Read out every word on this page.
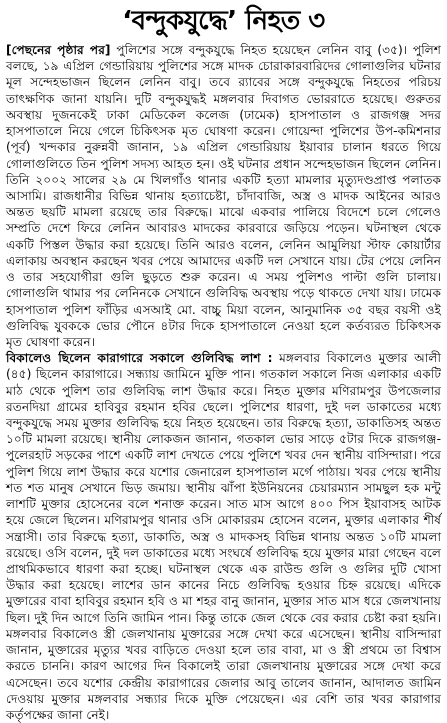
‘বন্দুকযুদ্ধে’ নিহত ৩

[পেছনের পৃষ্ঠার পর] পুলিশের সঙ্গে বন্দুকযুদ্ধে নিহত হয়েছেন লেনিন বাবু (৩৫)। পুলিশ বলছে, ১৯ এপ্রিল গেন্ডারিয়ায় পুলিশের সঙ্গে মাদক চোরাকারবারিদের গোলাগুলির ঘটনার মূল সন্দেহভাজন ছিলেন লেনিন বাবু। তবে র‍্যাবের সঙ্গে বন্দুকযুদ্ধে নিহতের পরিচয় তাৎক্ষণিক জানা যায়নি। দুটি বন্দুকযুদ্ধই মঙ্গলবার দিবাগত ভোররাতে হয়েছে। গুরুতর অবস্থায় দুজনকেই ঢাকা মেডিকেল কলেজ (ঢামেক) হাসপাতাল ও রাজগঞ্জ সদর হাসপাতালে নিয়ে গেলে চিকিৎসক মৃত ঘোষণা করেন। গোয়েন্দা পুলিশের উপ-কমিশনার (পূর্ব) খন্দকার নুরুন্নবী জানান, ১৯ এপ্রিল গেন্ডারিয়ায় ইয়াবার চালান ধরতে গিয়ে গোলাগুলিতে তিন পুলিশ সদস্য আহত হন। ওই ঘটনার প্রধান সন্দেহভাজন ছিলেন লেনিন। তিনি ২০০২ সালের ২৯ মে খিলগাঁও থানার একটি হত্যা মামলার মৃত্যুদণ্ডপ্রাপ্ত পলাতক আসামি। রাজধানীর বিভিন্ন থানায় হত্যাচেষ্টা, চাঁদাবাজি, অস্ত্র ও মাদক আইনের আরও অন্তত ছয়টি মামলা রয়েছে তার বিরুদ্ধে। মাঝে একবার পালিয়ে বিদেশে চলে গেলেও সম্প্রতি দেশে ফিরে লেনিন আবারও মাদকের কারবারে জড়িয়ে পড়েন। ঘটনাস্থল থেকে একটি পিস্তল উদ্ধার করা হয়েছে। তিনি আরও বলেন, লেনিন আমুলিয়া স্টাফ কোয়ার্টার এলাকায় অবস্থান করছেন খবর পেয়ে আমাদের একটি দল সেখানে যায়। টের পেয়ে লেনিন ও তার সহযোগীরা গুলি ছুড়তে শুরু করেন। এ সময় পুলিশও পাল্টা গুলি চালায়। গোলাগুলি থামার পর লেনিনকে সেখানে গুলিবিদ্ধ অবস্থায় পড়ে থাকতে দেখা যায়। ঢামেক হাসপাতাল পুলিশ ফাঁড়ির এসআই মো. বাচ্চু মিয়া বলেন, আনুমানিক ৩৫ বছর বয়সী ওই গুলিবিদ্ধ যুবককে ভোর পৌনে ৪টার দিকে হাসপাতালে নেওয়া হলে কর্তব্যরত চিকিৎসক মৃত ঘোষণা করেন।

বিকালেও ছিলেন কারাগারে সকালে গুলিবিদ্ধ লাশ : মঙ্গলবার বিকালেও মুক্তার আলী (৪৫) ছিলেন কারাগারে। সন্ধ্যায় জামিনে মুক্তি পান। গতকাল সকালে নিজ এলাকার একটি মাঠ থেকে পুলিশ তার গুলিবিদ্ধ লাশ উদ্ধার করে। নিহত মুক্তার মণিরামপুর উপজেলার রতনদিয়া গ্রামের হাবিবুর রহমান হবির ছেলে। পুলিশের ধারণা, দুই দল ডাকাতের মধ্যে বন্দুকযুদ্ধে সময় মুক্তার গুলিবিদ্ধ হয়ে নিহত হয়েছেন। তার বিরুদ্ধে হত্যা, ডাকাতিসহ অন্তত ১০টি মামলা রয়েছে। স্থানীয় লোকজন জানান, গতকাল ভোর সাড়ে ৫টার দিকে রাজগঞ্জ-পুলেরহাট সড়কের পাশে একটি লাশ দেখতে পেয়ে পুলিশে খবর দেন স্থানীয় বাসিন্দারা। পরে পুলিশ গিয়ে লাশ উদ্ধার করে যশোর জেনারেল হাসপাতাল মর্গে পাঠায়। খবর পেয়ে স্থানীয় শত শত মানুষ সেখানে ভিড় জমায়। স্থানীয় ঝাঁপা ইউনিয়নের চেয়ারম্যান সামছুল হক মন্টু লাশটি মুক্তার হোসেনের বলে শনাক্ত করেন। সাত মাস আগে ৪০০ পিস ইয়াবাসহ আটক হয়ে জেলে ছিলেন। মণিরামপুর থানার ওসি মোকাররম হোসেন বলেন, মুক্তার এলাকার শীর্ষ সন্ত্রাসী। তার বিরুদ্ধে হত্যা, ডাকাতি, অস্ত্র ও মাদকসহ বিভিন্ন থানায় অন্তত ১০টি মামলা রয়েছে। ওসি বলেন, দুই দল ডাকাতের মধ্যে সংঘর্ষে গুলিবিদ্ধ হয়ে মুক্তার মারা গেছেন বলে প্রাথমিকভাবে ধারণা করা হচ্ছে। ঘটনাস্থল থেকে এক রাউন্ড গুলি ও গুলির দুটি খোসা উদ্ধার করা হয়েছে। লাশের ডান কানের নিচে গুলিবিদ্ধ হওয়ার চিহ্ন রয়েছে। এদিকে মুক্তারের বাবা হাবিবুর রহমান হবি ও মা শহর বানু জানান, মুক্তার সাত মাস ধরে জেলখানায় ছিল। দুই দিন আগে তিনি জামিন পান। কিন্তু তাকে জেল থেকে বের করার চেষ্টা করা হয়নি। মঙ্গলবার বিকালেও স্ত্রী জেলখানায় মুক্তারের সঙ্গে দেখা করে এসেছেন। স্থানীয় বাসিন্দারা জানান, মুক্তারের মৃত্যুর খবর বাড়িতে দেওয়া হলে তার বাবা, মা ও স্ত্রী প্রথমে তা বিশ্বাস করতে চাননি। কারণ আগের দিন বিকালেই তারা জেলখানায় মুক্তারের সঙ্গে দেখা করে এসেছেন। তবে যশোর কেন্দ্রীয় কারাগারের জেলার আবু তালেব জানান, আদালত জামিন দেওয়ায় মুক্তার মঙ্গলবার সন্ধ্যার দিকে মুক্তি পেয়েছেন। এর বেশি তার খবর কারাগার কর্তৃপক্ষের জানা নেই।
